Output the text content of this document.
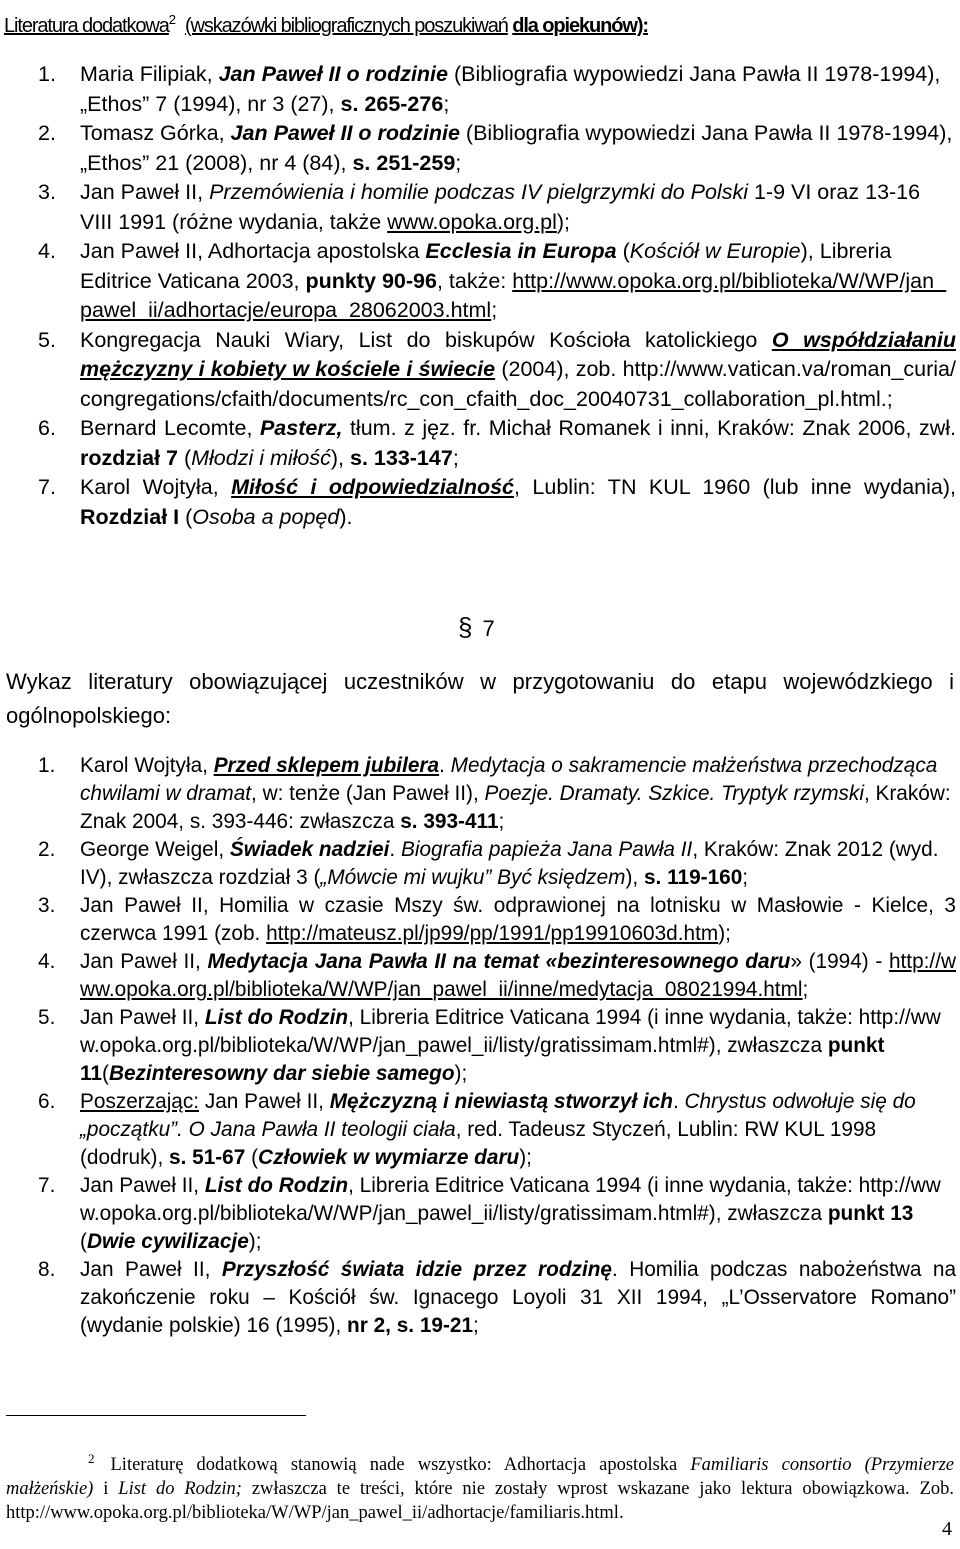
Literatura dodatkowa$^2$ (wskazówki bibliograficznych poszukiwań dla opiekunów):
1. Maria Filipiak, Jan Paweł II o rodzinie (Bibliografia wypowiedzi Jana Pawła II 1978-1994), „Ethos” 7 (1994), nr 3 (27), s. 265-276;
2. Tomasz Górka, Jan Paweł II o rodzinie (Bibliografia wypowiedzi Jana Pawła II 1978-1994), „Ethos” 21 (2008), nr 4 (84), s. 251-259;
3. Jan Paweł II, Przemówienia i homilie podczas IV pielgrzymki do Polski 1-9 VI oraz 13-16 VIII 1991 (różne wydania, także www.opoka.org.pl);
4. Jan Paweł II, Adhortacja apostolska Ecclesia in Europa (Kościół w Europie), Libreria Editrice Vaticana 2003, punkty 90-96, także: http://www.opoka.org.pl/biblioteka/W/WP/jan_pawel_ii/adhortacje/europa_28062003.html;
5. Kongregacja Nauki Wiary, List do biskupów Kościoła katolickiego O współdziałaniu mężczyzny i kobiety w kościele i świecie (2004), zob. http://www.vatican.va/roman_curia/congregations/cfaith/documents/rc_con_cfaith_doc_20040731_collaboration_pl.html.;
6. Bernard Lecomte, Pasterz, tłum. z jęz. fr. Michał Romanek i inni, Kraków: Znak 2006, zwł. rozdział 7 (Młodzi i miłość), s. 133-147;
7. Karol Wojtyła, Miłość i odpowiedzialność, Lublin: TN KUL 1960 (lub inne wydania), Rozdział I (Osoba a popęd).
§ 7
Wykaz literatury obowiązującej uczestników w przygotowaniu do etapu wojewódzkiego i ogólnopolskiego:
1. Karol Wojtyła, Przed sklepem jubilera. Medytacja o sakramencie małżeństwa przechodząca chwilami w dramat, w: tenże (Jan Paweł II), Poezje. Dramaty. Szkice. Tryptyk rzymski, Kraków: Znak 2004, s. 393-446: zwłaszcza s. 393-411;
2. George Weigel, Świadek nadziei. Biografia papieża Jana Pawła II, Kraków: Znak 2012 (wyd. IV), zwłaszcza rozdział 3 („Mówcie mi wujku” Być księdzem), s. 119-160;
3. Jan Paweł II, Homilia w czasie Mszy św. odprawionej na lotnisku w Masłowie - Kielce, 3 czerwca 1991 (zob. http://mateusz.pl/jp99/pp/1991/pp19910603d.htm);
4. Jan Paweł II, Medytacja Jana Pawła II na temat «bezinteresownego daru» (1994) - http://www.opoka.org.pl/biblioteka/W/WP/jan_pawel_ii/inne/medytacja_08021994.html;
5. Jan Paweł II, List do Rodzin, Libreria Editrice Vaticana 1994 (i inne wydania, także: http://www.opoka.org.pl/biblioteka/W/WP/jan_pawel_ii/listy/gratissimam.html#), zwłaszcza punkt 11(Bezinteresowny dar siebie samego);
6. Poszerzając: Jan Paweł II, Mężczyzną i niewiastą stworzył ich. Chrystus odwołuje się do „początku”. O Jana Pawła II teologii ciała, red. Tadeusz Styczeń, Lublin: RW KUL 1998 (dodruk), s. 51-67 (Człowiek w wymiarze daru);
7. Jan Paweł II, List do Rodzin, Libreria Editrice Vaticana 1994 (i inne wydania, także: http://www.opoka.org.pl/biblioteka/W/WP/jan_pawel_ii/listy/gratissimam.html#), zwłaszcza punkt 13 (Dwie cywilizacje);
8. Jan Paweł II, Przyszłość świata idzie przez rodzinę. Homilia podczas nabożeństwa na zakończenie roku – Kościół św. Ignacego Loyoli 31 XII 1994, „L’Osservatore Romano” (wydanie polskie) 16 (1995), nr 2, s. 19-21;
$^2$ Literaturę dodatkową stanowią nade wszystko: Adhortacja apostolska Familiaris consortio (Przymierze małżeńskie) i List do Rodzin; zwłaszcza te treści, które nie zostały wprost wskazane jako lektura obowiązkowa. Zob. http://www.opoka.org.pl/biblioteka/W/WP/jan_pawel_ii/adhortacje/familiaris.html.
4
